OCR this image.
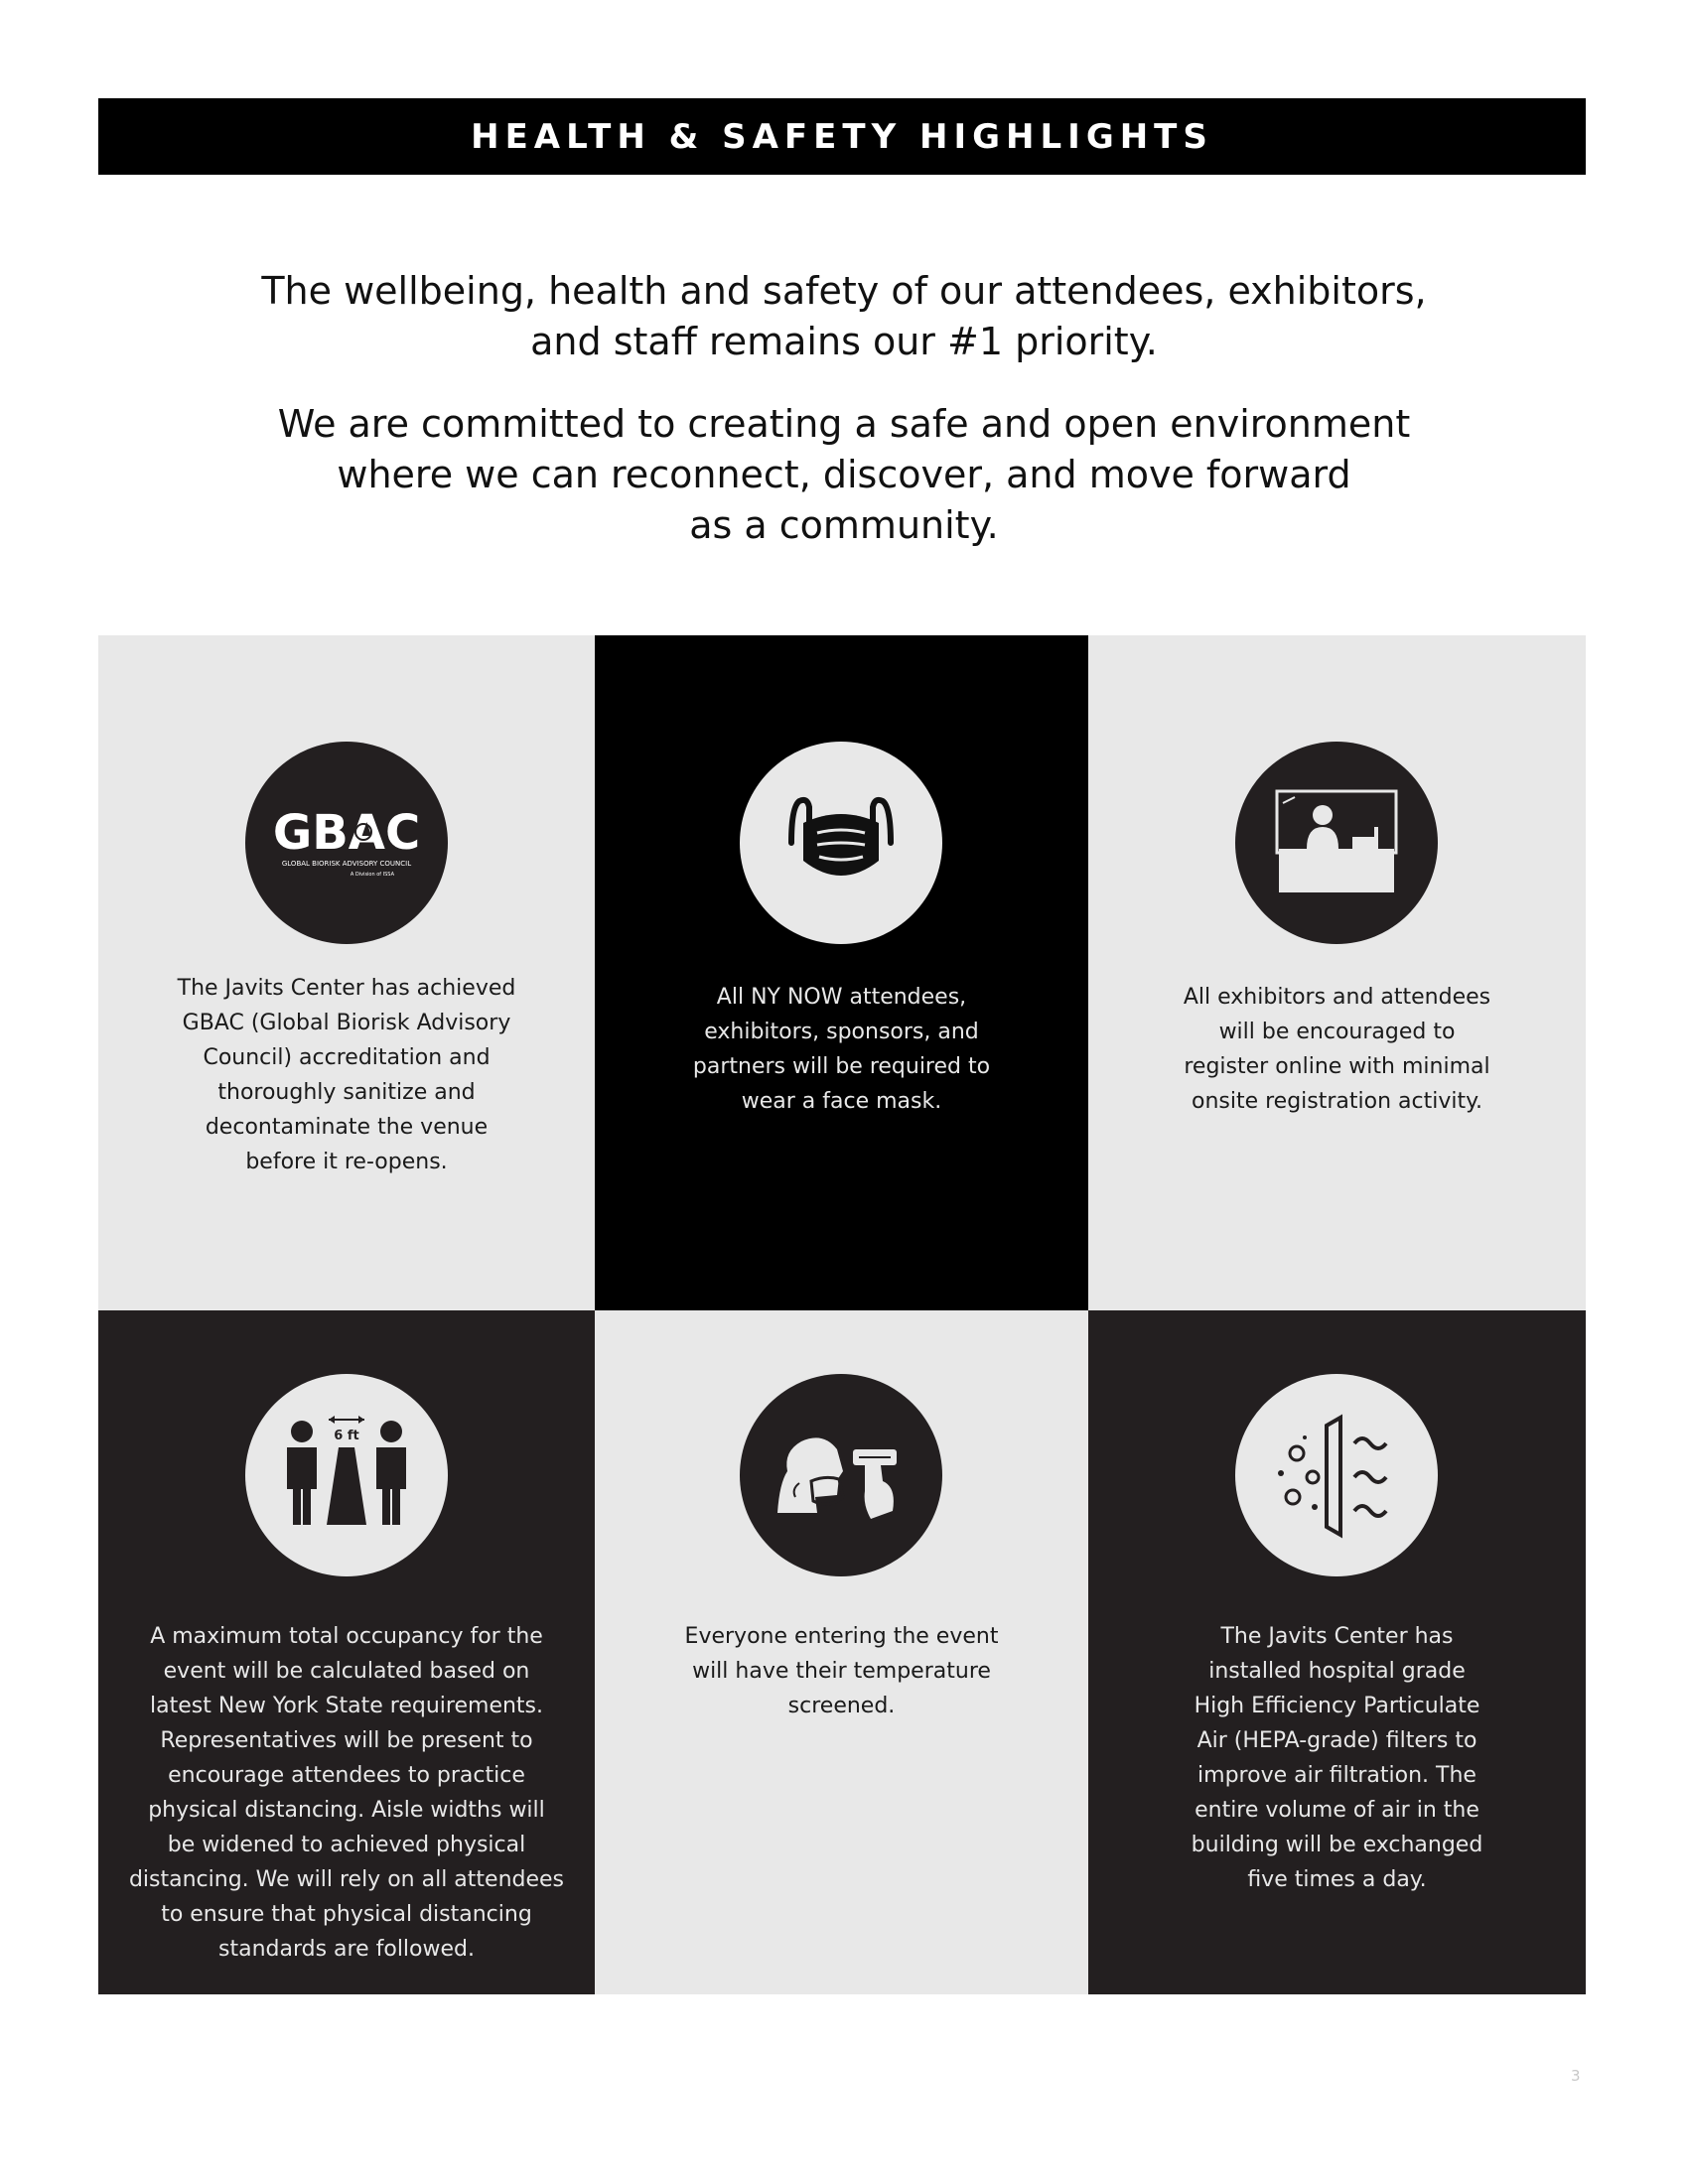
HEALTH & SAFETY HIGHLIGHTS

The wellbeing, health and safety of our attendees, exhibitors,

and staff remains our #1 priority.

We are committed to creating a safe and open environment

where we can reconnect, discover, and move forward

as a community.

GBAC
GLOBAL BIORISK ADVISORY COUNCIL
A Division of ISSA
The Javits Center has achieved
GBAC (Global Biorisk Advisory
Council) accreditation and
thoroughly sanitize and
decontaminate the venue
before it re-opens.
All NY NOW attendees,
exhibitors, sponsors, and
partners will be required to
wear a face mask.
All exhibitors and attendees
will be encouraged to
register online with minimal
onsite registration activity.
6 ft
A maximum total occupancy for the
event will be calculated based on
latest New York State requirements.
Representatives will be present to
encourage attendees to practice
physical distancing. Aisle widths will
be widened to achieved physical
distancing. We will rely on all attendees
to ensure that physical distancing
standards are followed.
Everyone entering the event
will have their temperature
screened.
The Javits Center has
installed hospital grade
High Efficiency Particulate
Air (HEPA-grade) filters to
improve air filtration. The
entire volume of air in the
building will be exchanged
five times a day.
3
